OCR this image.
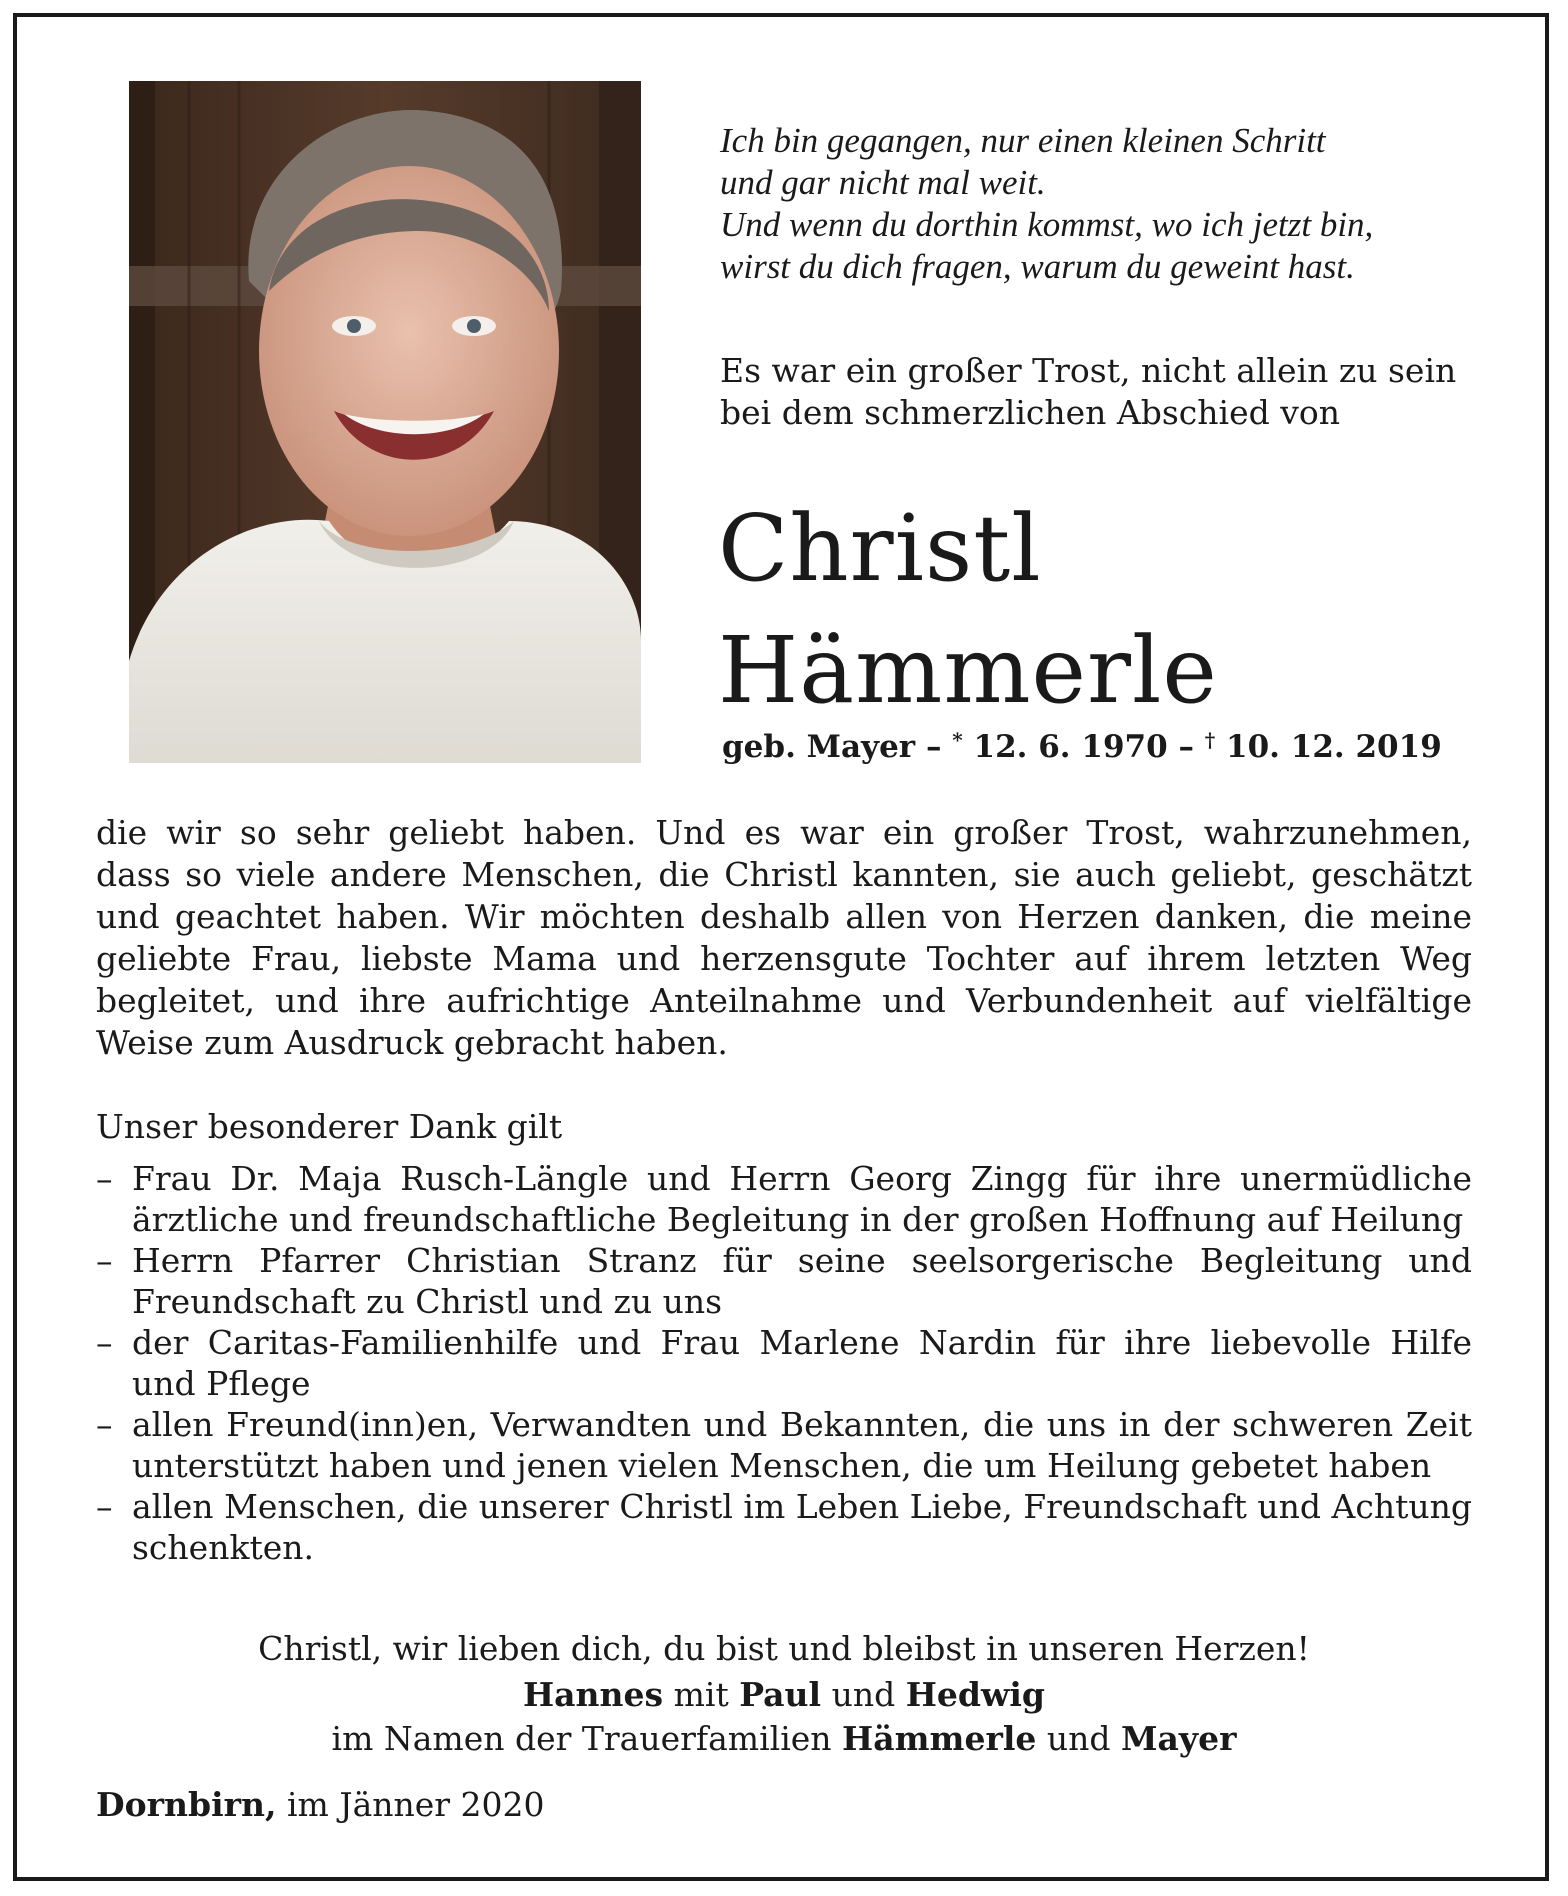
Ich bin gegangen, nur einen kleinen Schritt
und gar nicht mal weit.
Und wenn du dorthin kommst, wo ich jetzt bin,
wirst du dich fragen, warum du geweint hast.
Es war ein großer Trost, nicht allein zu sein
bei dem schmerzlichen Abschied von
Christl
Hämmerle
geb. Mayer – * 12. 6. 1970 – † 10. 12. 2019
die wir so sehr geliebt haben. Und es war ein großer Trost, wahrzunehmen,
dass so viele andere Menschen, die Christl kannten, sie auch geliebt, geschätzt
und geachtet haben. Wir möchten deshalb allen von Herzen danken, die meine
geliebte Frau, liebste Mama und herzensgute Tochter auf ihrem letzten Weg
begleitet, und ihre aufrichtige Anteilnahme und Verbundenheit auf vielfältige
Weise zum Ausdruck gebracht haben.
Unser besonderer Dank gilt
– Frau Dr. Maja Rusch-Längle und Herrn Georg Zingg für ihre unermüdliche
ärztliche und freundschaftliche Begleitung in der großen Hoffnung auf Heilung
– Herrn Pfarrer Christian Stranz für seine seelsorgerische Begleitung und
Freundschaft zu Christl und zu uns
– der Caritas-Familienhilfe und Frau Marlene Nardin für ihre liebevolle Hilfe
und Pflege
– allen Freund(inn)en, Verwandten und Bekannten, die uns in der schweren Zeit
unterstützt haben und jenen vielen Menschen, die um Heilung gebetet haben
– allen Menschen, die unserer Christl im Leben Liebe, Freundschaft und Achtung
schenkten.
Christl, wir lieben dich, du bist und bleibst in unseren Herzen!
Hannes mit Paul und Hedwig
im Namen der Trauerfamilien Hämmerle und Mayer
Dornbirn, im Jänner 2020
